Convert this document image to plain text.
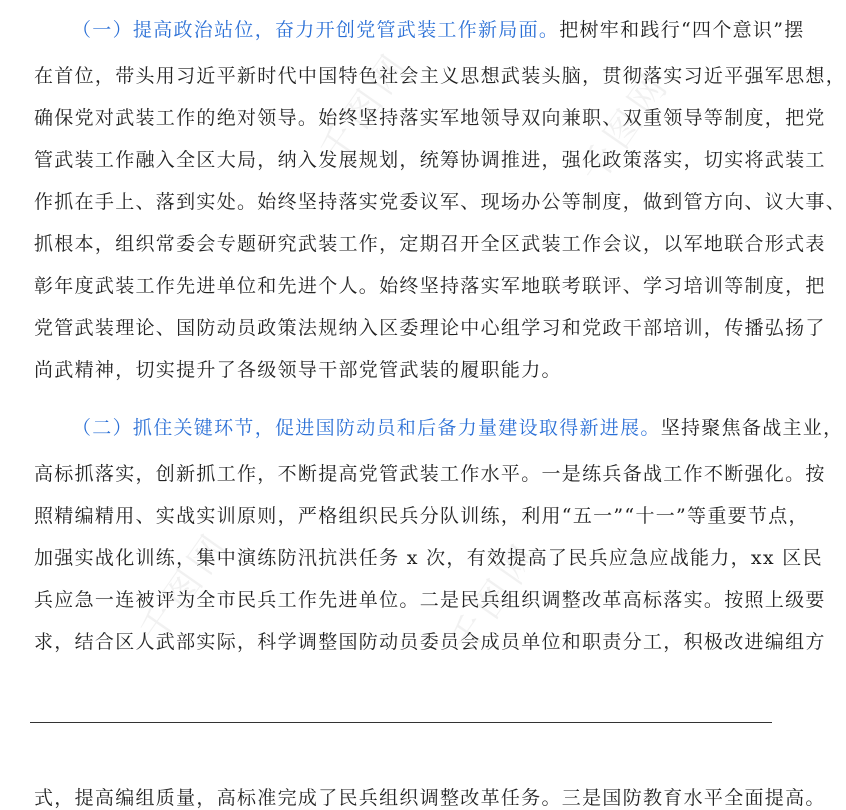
千图网	千图网
千图网	千图网
（一）提高政治站位，奋力开创党管武装工作新局面。把树牢和践行“四个意识”摆
在首位，带头用习近平新时代中国特色社会主义思想武装头脑，贯彻落实习近平强军思想，
确保党对武装工作的绝对领导。始终坚持落实军地领导双向兼职、双重领导等制度，把党
管武装工作融入全区大局，纳入发展规划，统筹协调推进，强化政策落实，切实将武装工
作抓在手上、落到实处。始终坚持落实党委议军、现场办公等制度，做到管方向、议大事、
抓根本，组织常委会专题研究武装工作，定期召开全区武装工作会议，以军地联合形式表
彰年度武装工作先进单位和先进个人。始终坚持落实军地联考联评、学习培训等制度，把
党管武装理论、国防动员政策法规纳入区委理论中心组学习和党政干部培训，传播弘扬了
尚武精神，切实提升了各级领导干部党管武装的履职能力。
（二）抓住关键环节，促进国防动员和后备力量建设取得新进展。坚持聚焦备战主业，
高标抓落实，创新抓工作，不断提高党管武装工作水平。一是练兵备战工作不断强化。按
照精编精用、实战实训原则，严格组织民兵分队训练，利用“五一”“十一”等重要节点，
加强实战化训练，集中演练防汛抗洪任务 x 次，有效提高了民兵应急应战能力，xx 区民
兵应急一连被评为全市民兵工作先进单位。二是民兵组织调整改革高标落实。按照上级要
求，结合区人武部实际，科学调整国防动员委员会成员单位和职责分工，积极改进编组方
式，提高编组质量，高标准完成了民兵组织调整改革任务。三是国防教育水平全面提高。
